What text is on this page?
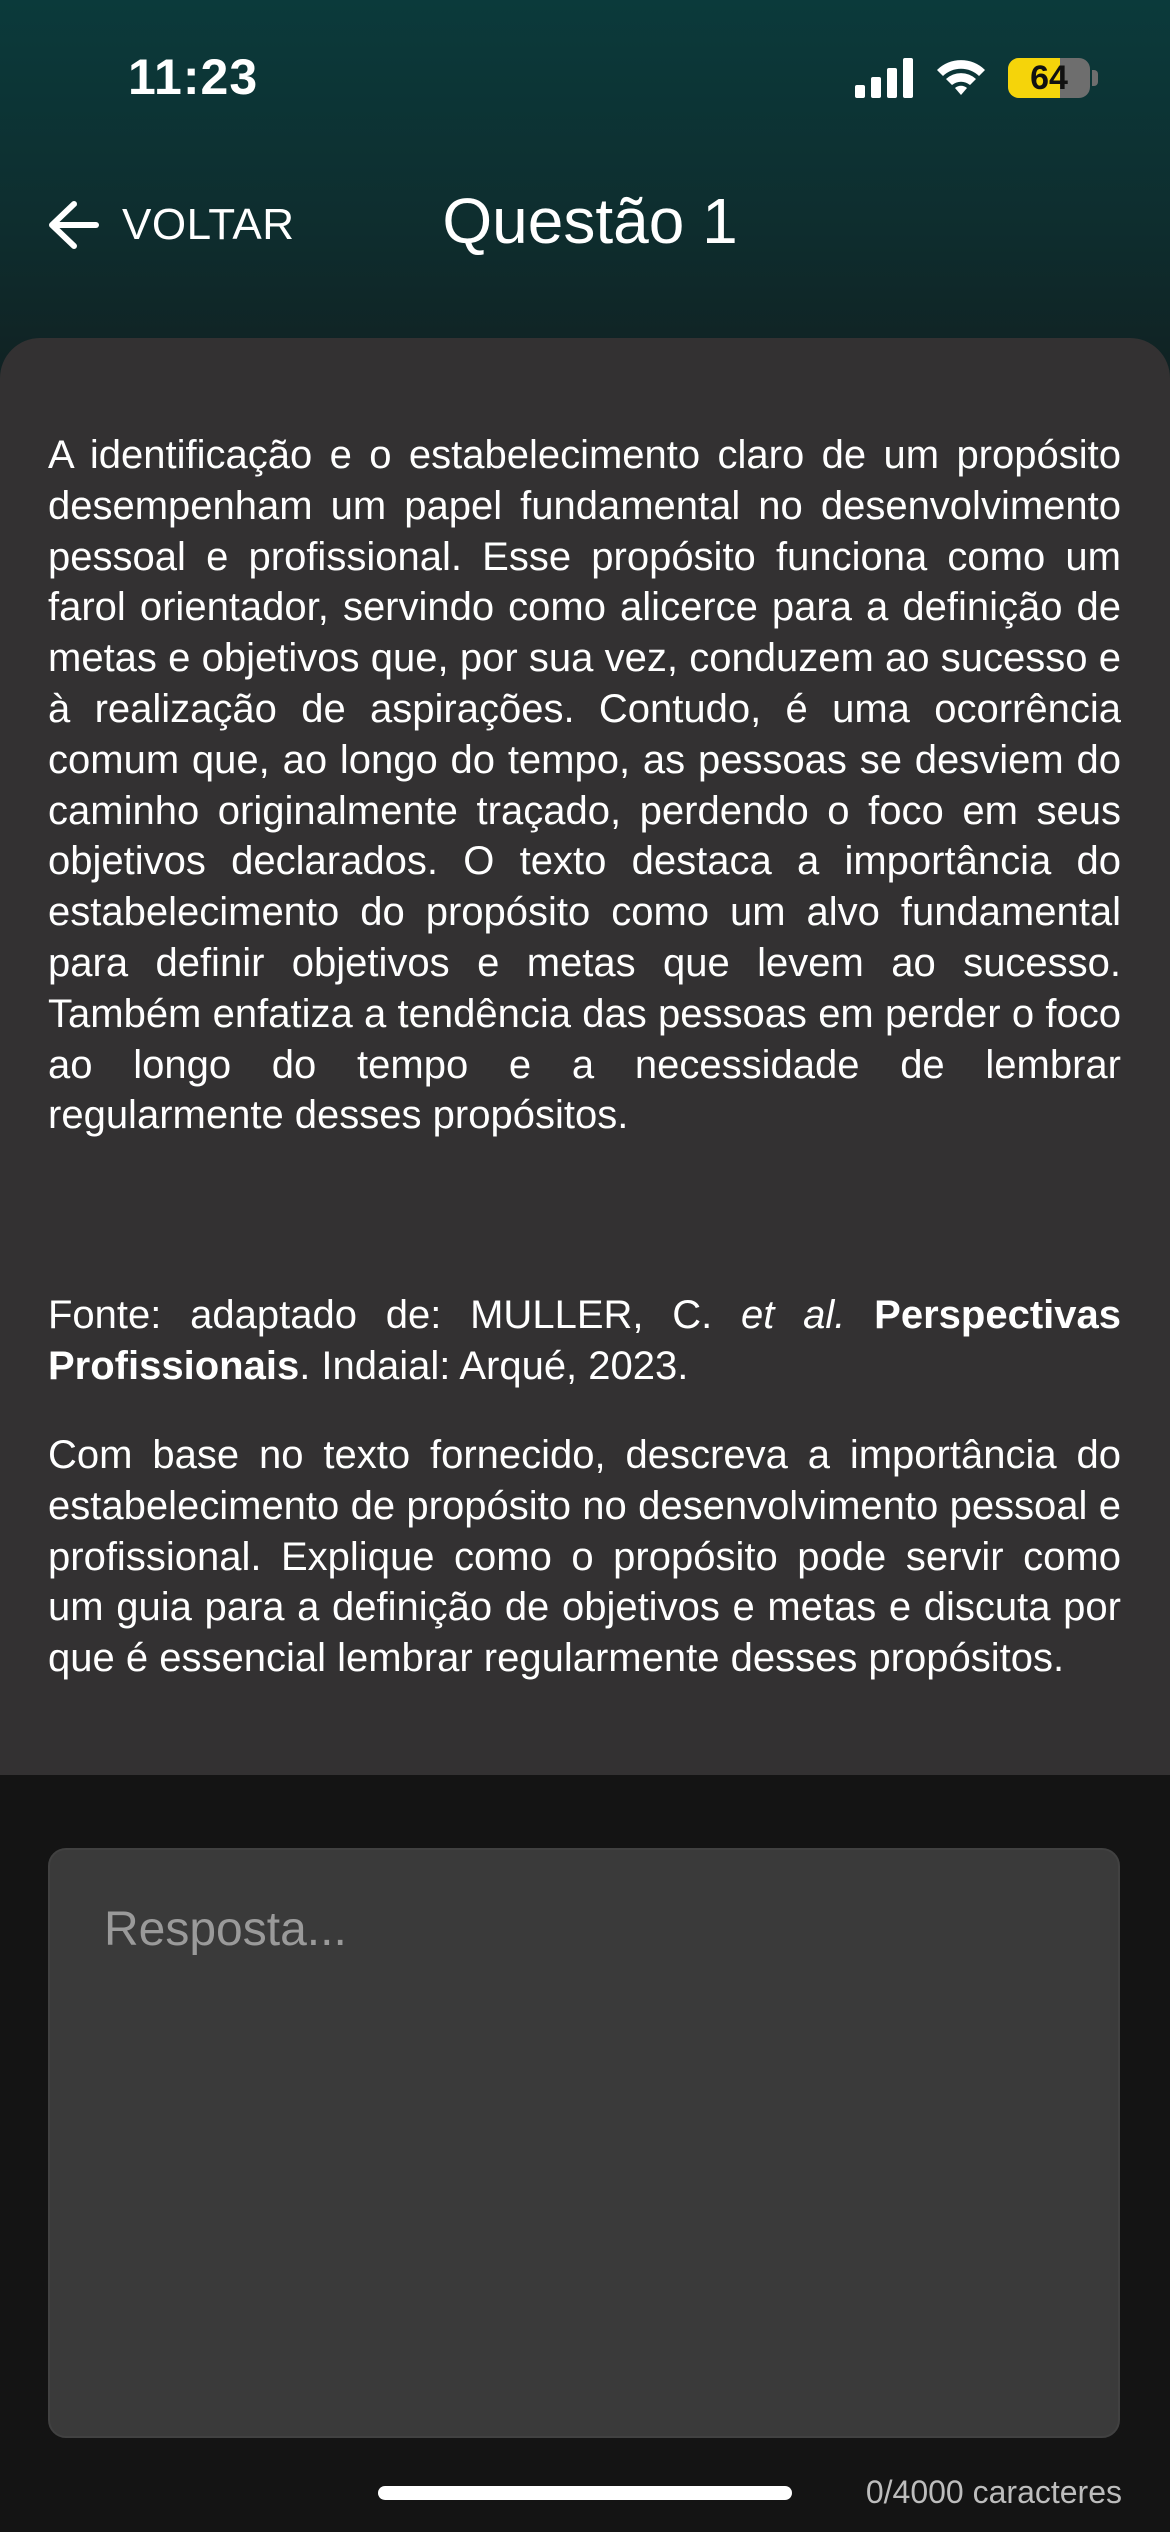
11:23	64
VOLTAR	Questão 1

A identificação e o estabelecimento claro de um propósito desempenham um papel fundamental no desenvolvimento pessoal e profissional. Esse propósito funciona como um farol orientador, servindo como alicerce para a definição de metas e objetivos que, por sua vez, conduzem ao sucesso e à realização de aspirações. Contudo, é uma ocorrência comum que, ao longo do tempo, as pessoas se desviem do caminho originalmente traçado, perdendo o foco em seus objetivos declarados. O texto destaca a importância do estabelecimento do propósito como um alvo fundamental para definir objetivos e metas que levem ao sucesso. Também enfatiza a tendência das pessoas em perder o foco ao longo do tempo e a necessidade de lembrar regularmente desses propósitos.

Fonte: adaptado de: MULLER, C. et al. Perspectivas Profissionais. Indaial: Arqué, 2023.

Com base no texto fornecido, descreva a importância do estabelecimento de propósito no desenvolvimento pessoal e profissional. Explique como o propósito pode servir como um guia para a definição de objetivos e metas e discuta por que é essencial lembrar regularmente desses propósitos.

Resposta...
0/4000 caracteres
